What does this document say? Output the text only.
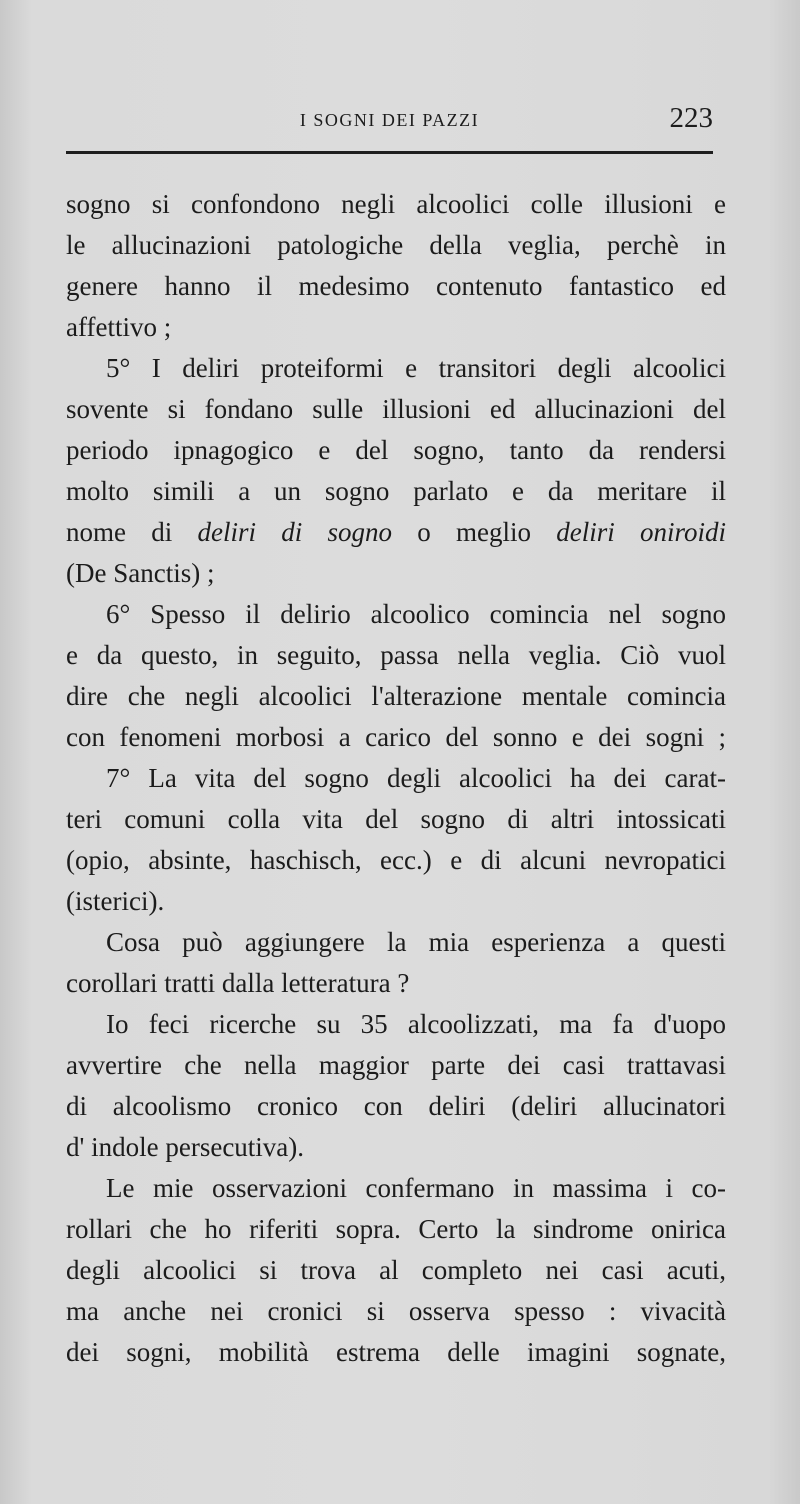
I SOGNI DEI PAZZI	223
sogno si confondono negli alcoolici colle illusioni e
le allucinazioni patologiche della veglia, perchè in
genere hanno il medesimo contenuto fantastico ed
affettivo ;
5° I deliri proteiformi e transitori degli alcoolici
sovente si fondano sulle illusioni ed allucinazioni del
periodo ipnagogico e del sogno, tanto da rendersi
molto simili a un sogno parlato e da meritare il
nome di deliri di sogno o meglio deliri oniroidi
(De Sanctis) ;
6° Spesso il delirio alcoolico comincia nel sogno
e da questo, in seguito, passa nella veglia. Ciò vuol
dire che negli alcoolici l'alterazione mentale comincia
con fenomeni morbosi a carico del sonno e dei sogni ;
7° La vita del sogno degli alcoolici ha dei carat-
teri comuni colla vita del sogno di altri intossicati
(opio, absinte, haschisch, ecc.) e di alcuni nevropatici
(isterici).
Cosa può aggiungere la mia esperienza a questi
corollari tratti dalla letteratura ?
Io feci ricerche su 35 alcoolizzati, ma fa d'uopo
avvertire che nella maggior parte dei casi trattavasi
di alcoolismo cronico con deliri (deliri allucinatori
d' indole persecutiva).
Le mie osservazioni confermano in massima i co-
rollari che ho riferiti sopra. Certo la sindrome onirica
degli alcoolici si trova al completo nei casi acuti,
ma anche nei cronici si osserva spesso : vivacità
dei sogni, mobilità estrema delle imagini sognate,
